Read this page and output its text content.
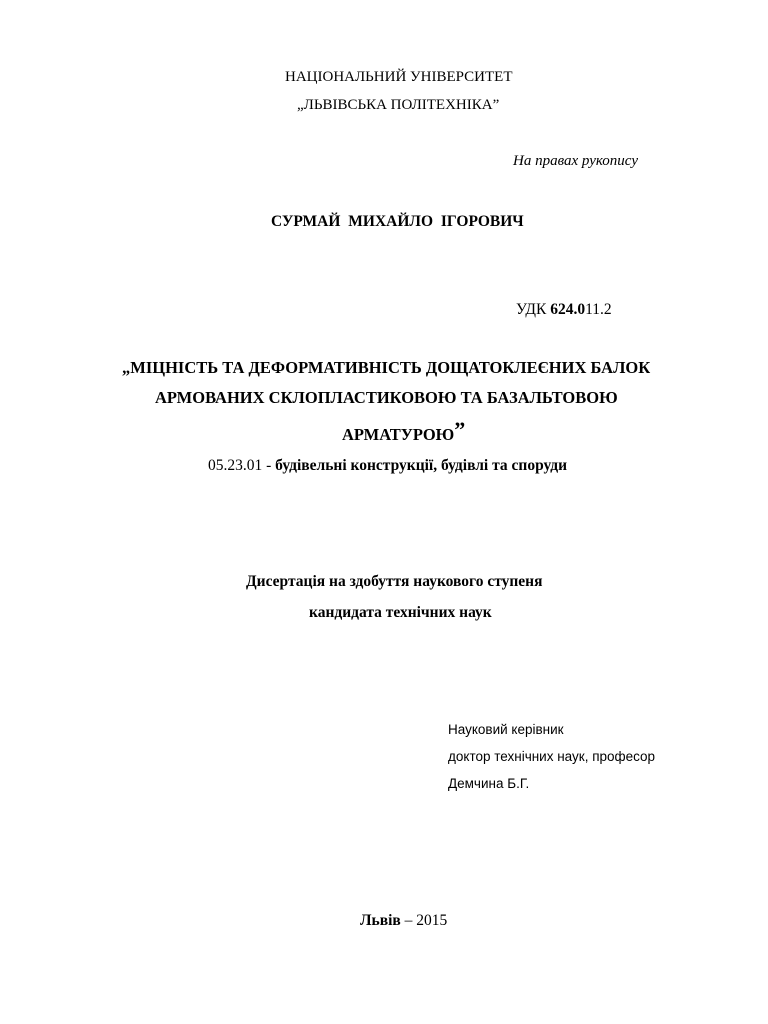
НАЦІОНАЛЬНИЙ УНІВЕРСИТЕТ
„ЛЬВІВСЬКА ПОЛІТЕХНІКА”
На правах рукопису
СУРМАЙ МИХАЙЛО ІГОРОВИЧ
УДК 624.011.2
„МІЦНІСТЬ ТА ДЕФОРМАТИВНІСТЬ ДОЩАТОКЛЕЄНИХ БАЛОК
АРМОВАНИХ СКЛОПЛАСТИКОВОЮ ТА БАЗАЛЬТОВОЮ
АРМАТУРОЮ”
05.23.01 - будівельні конструкції, будівлі та споруди
Дисертація на здобуття наукового ступеня
кандидата технічних наук
Науковий керівник
доктор технічних наук, професор
Демчина Б.Г.
Львів – 2015
